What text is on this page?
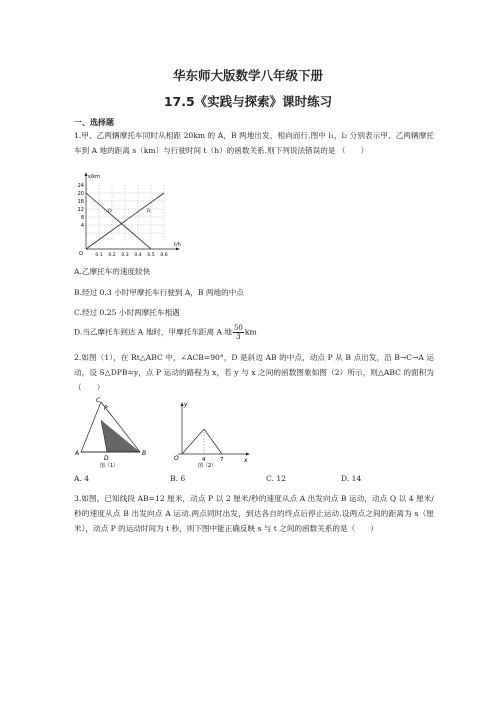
华东师大版数学八年级下册
17.5《实践与探索》课时练习
一、选择题
1.甲、乙两辆摩托车同时从相距 20km 的 A，B 两地出发，相向而行.图中 l₁，l₂ 分别表示甲、乙两辆摩托车到 A 地的距离 s（km）与行驶时间 t（h）的函数关系.则下列说法错误的是 （　　）
s/km
t/h
O
24
20
16
12
8
4
0.1 0.2 0.3 0.4 0.5 0.6
l₂	l₁
A.乙摩托车的速度较快
B.经过 0.3 小时甲摩托车行驶到 A，B 两地的中点
C.经过 0.25 小时两摩托车相遇
D.当乙摩托车到达 A 地时，甲摩托车距离 A 地 $\frac{50}{3}$ km
2.如图（1），在 Rt△ABC 中，∠ACB=90°，D 是斜边 AB 的中点，动点 P 从 B 点出发，沿 B→C→A 运动，设 S△DPB=y，点 P 运动的路程为 x，若 y 与 x 之间的函数图象如图（2）所示，则△ABC 的面积为（　　）
A	B
C
P
D
图（1）
y
x
O	4	7
图（2）
A. 4	B. 6	C. 12	D. 14
3.如图，已知线段 AB=12 厘米，动点 P 以 2 厘米/秒的速度从点 A 出发向点 B 运动，动点 Q 以 4 厘米/秒的速度从点 B 出发向点 A 运动.两点同时出发，到达各自的终点后停止运动.设两点之间的距离为 s（厘米），动点 P 的运动时间为 t 秒，则下图中能正确反映 s 与 t 之间的函数关系的是（　　）
